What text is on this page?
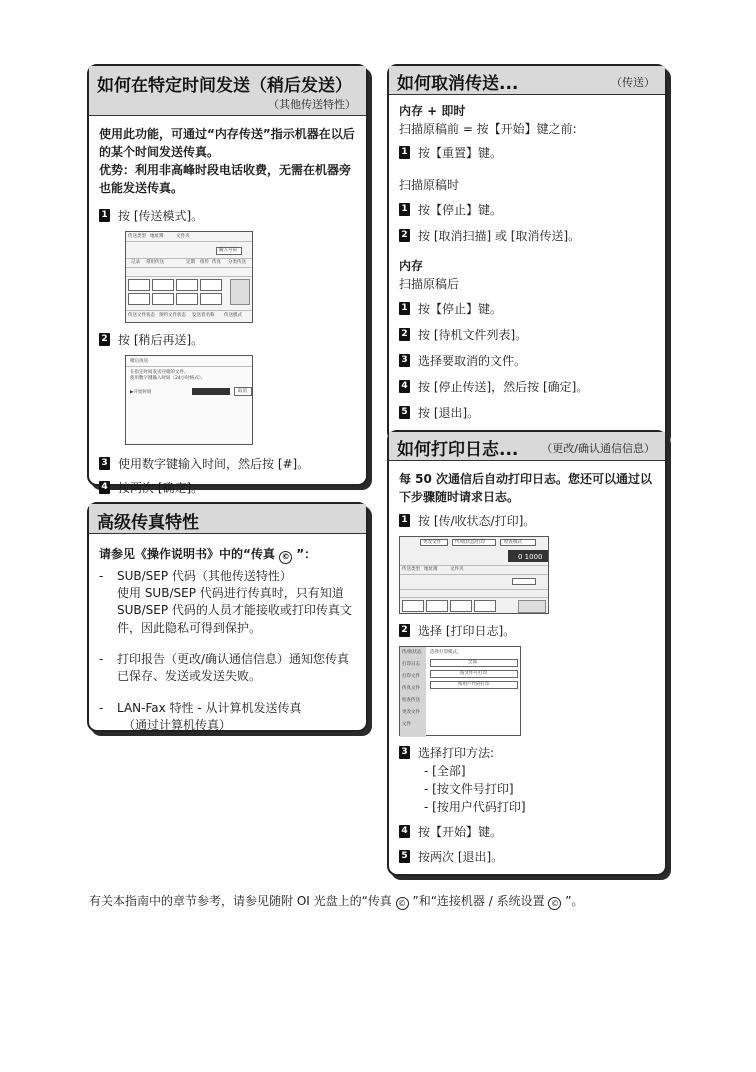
如何在特定时间发送（稍后发送）
（其他传送特性）
使用此功能，可通过“内存传送”指示机器在以后的某个时间发送传真。
优势：利用非高峰时段电话收费，无需在机器旁也能发送传真。
1 按 [传送模式]。
传送类型 地址簿	文件夹
输入号码
记录 常用传送	定期 组传 传真 分类传送
传送文件状态 预约文件状态 发送者名称 传送模式
2 按 [稍后再送]。
稍后再送
在指定时间发送存储的文件。
使用数字键输入时间（24小时格式）。
▶开始时间	取消
3 使用数字键输入时间，然后按 [#]。
4 按两次 [确定]。
如何取消传送...	（传送）
内存 + 即时
扫描原稿前 = 按【开始】键之前:
1 按【重置】键。
扫描原稿时
1 按【停止】键。
2 按 [取消扫描] 或 [取消传送]。
内存
扫描原稿后
1 按【停止】键。
2 按 [待机文件列表]。
3 选择要取消的文件。
4 按 [停止传送]，然后按 [确定]。
5 按 [退出]。
高级传真特性
请参见《操作说明书》中的“传真 © ”：
-	SUB/SEP 代码（其他传送特性）
使用 SUB/SEP 代码进行传真时，只有知道 SUB/SEP 代码的人员才能接收或打印传真文件，因此隐私可得到保护。
-	打印报告（更改/确认通信信息）通知您传真已保存、发送或发送失败。
-	LAN-Fax 特性 - 从计算机发送传真
（通过计算机传真）
如何打印日志... （更改/确认通信信息）
每 50 次通信后自动打印日志。您还可以通过以下步骤随时请求日志。
1 按 [传/收状态/打印]。
更改文件	传/收状态/打印	检查模式
0 1000
传送类型 地址簿	文件夹
2 选择 [打印日志]。
传/收状态
打印日志
打印文件
传真文件
检查传送
更改文件
文件
选择打印模式。
全部
按文件号打印
按用户代码打印
3 选择打印方法:
- [全部]
- [按文件号打印]
- [按用户代码打印]
4 按【开始】键。
5 按两次 [退出]。
有关本指南中的章节参考，请参见随附 OI 光盘上的“传真 © ”和“连接机器 / 系统设置 © ”。
